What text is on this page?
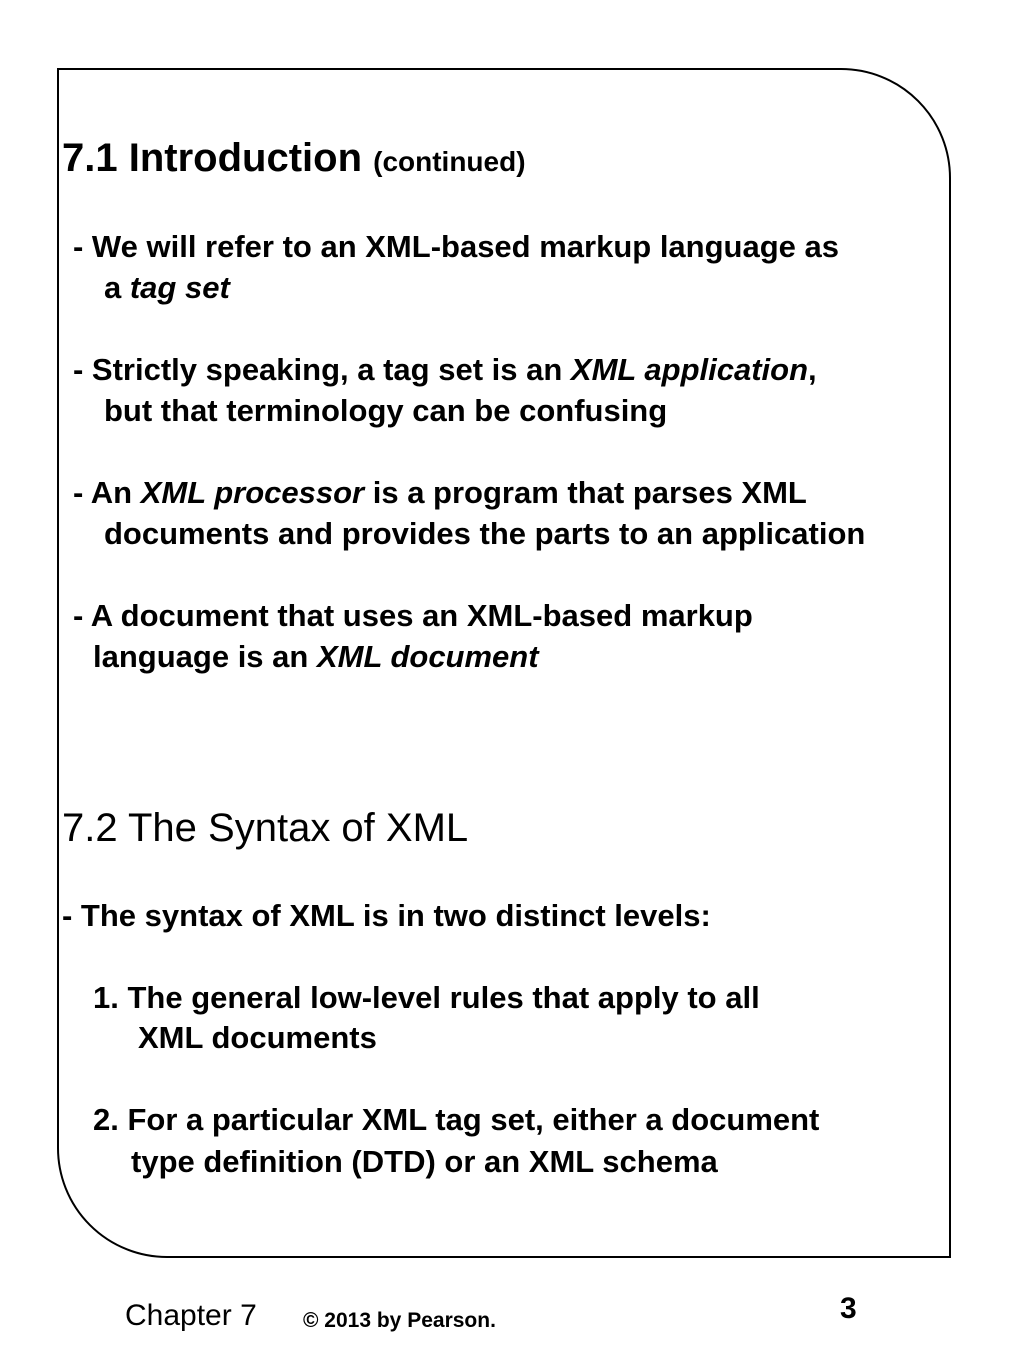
7.1 Introduction (continued)
- We will refer to an XML-based markup language as
a tag set
- Strictly speaking, a tag set is an XML application,
but that terminology can be confusing
- An XML processor is a program that parses XML
documents and provides the parts to an application
- A document that uses an XML-based markup
language is an XML document
7.2 The Syntax of XML
- The syntax of XML is in two distinct levels:
1. The general low-level rules that apply to all
XML documents
2. For a particular XML tag set, either a document
type definition (DTD) or an XML schema
Chapter 7 © 2013 by Pearson.	3
